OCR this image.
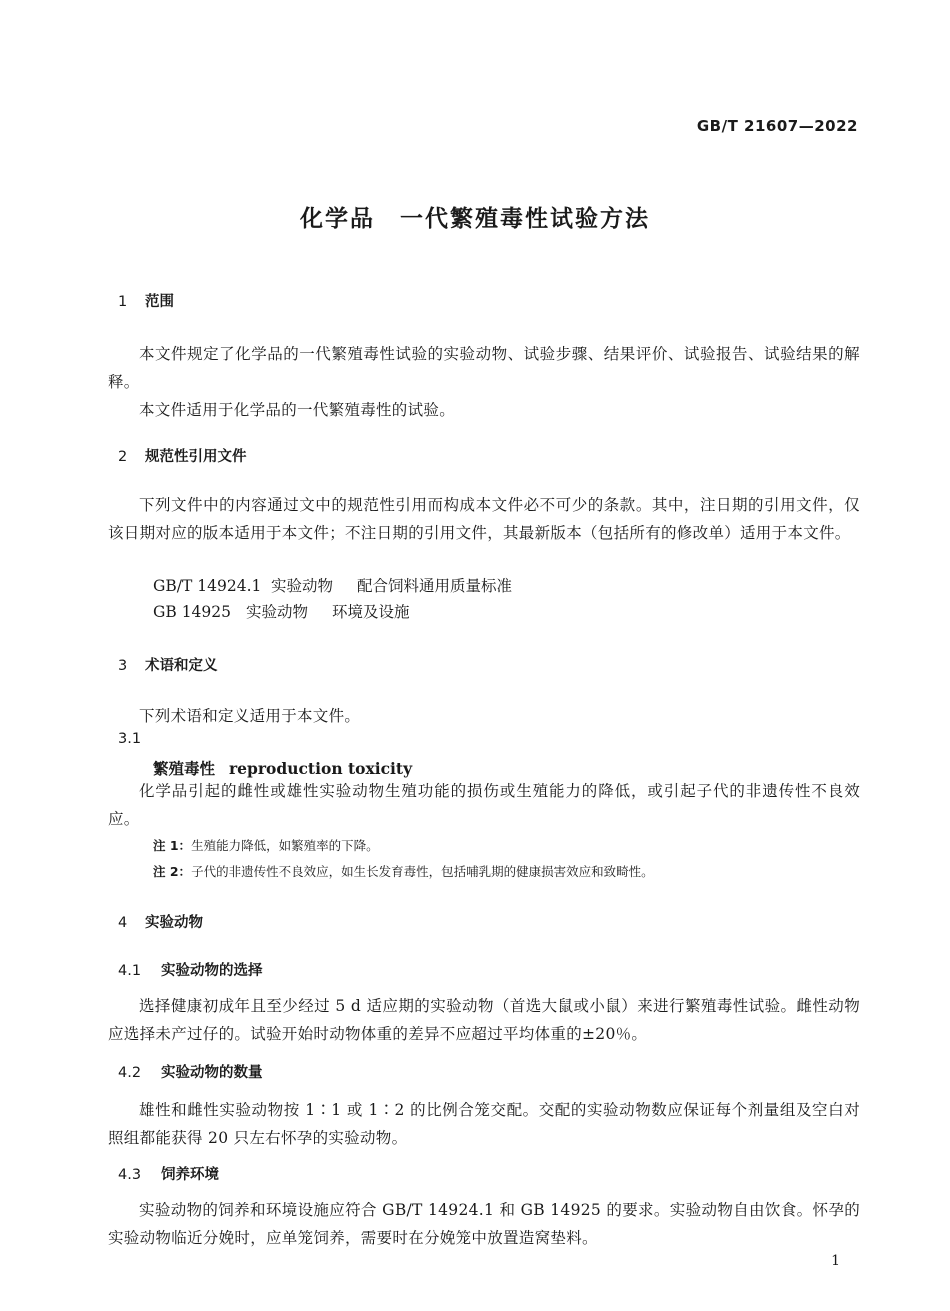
GB/T 21607—2022
化学品　一代繁殖毒性试验方法
1 范围
本文件规定了化学品的一代繁殖毒性试验的实验动物、试验步骤、结果评价、试验报告、试验结果的解释。
本文件适用于化学品的一代繁殖毒性的试验。
2 规范性引用文件
下列文件中的内容通过文中的规范性引用而构成本文件必不可少的条款。其中，注日期的引用文件，仅该日期对应的版本适用于本文件；不注日期的引用文件，其最新版本（包括所有的修改单）适用于本文件。
GB/T 14924.1 实验动物 配合饲料通用质量标准
GB 14925 实验动物 环境及设施
3 术语和定义
下列术语和定义适用于本文件。
3.1
繁殖毒性 reproduction toxicity
化学品引起的雌性或雄性实验动物生殖功能的损伤或生殖能力的降低，或引起子代的非遗传性不良效应。
注 1：生殖能力降低，如繁殖率的下降。
注 2：子代的非遗传性不良效应，如生长发育毒性，包括哺乳期的健康损害效应和致畸性。
4 实验动物
4.1 实验动物的选择
选择健康初成年且至少经过 5 d 适应期的实验动物（首选大鼠或小鼠）来进行繁殖毒性试验。雌性动物应选择未产过仔的。试验开始时动物体重的差异不应超过平均体重的±20％。
4.2 实验动物的数量
雄性和雌性实验动物按 1∶1 或 1∶2 的比例合笼交配。交配的实验动物数应保证每个剂量组及空白对照组都能获得 20 只左右怀孕的实验动物。
4.3 饲养环境
实验动物的饲养和环境设施应符合 GB/T 14924.1 和 GB 14925 的要求。实验动物自由饮食。怀孕的实验动物临近分娩时，应单笼饲养，需要时在分娩笼中放置造窝垫料。
1
